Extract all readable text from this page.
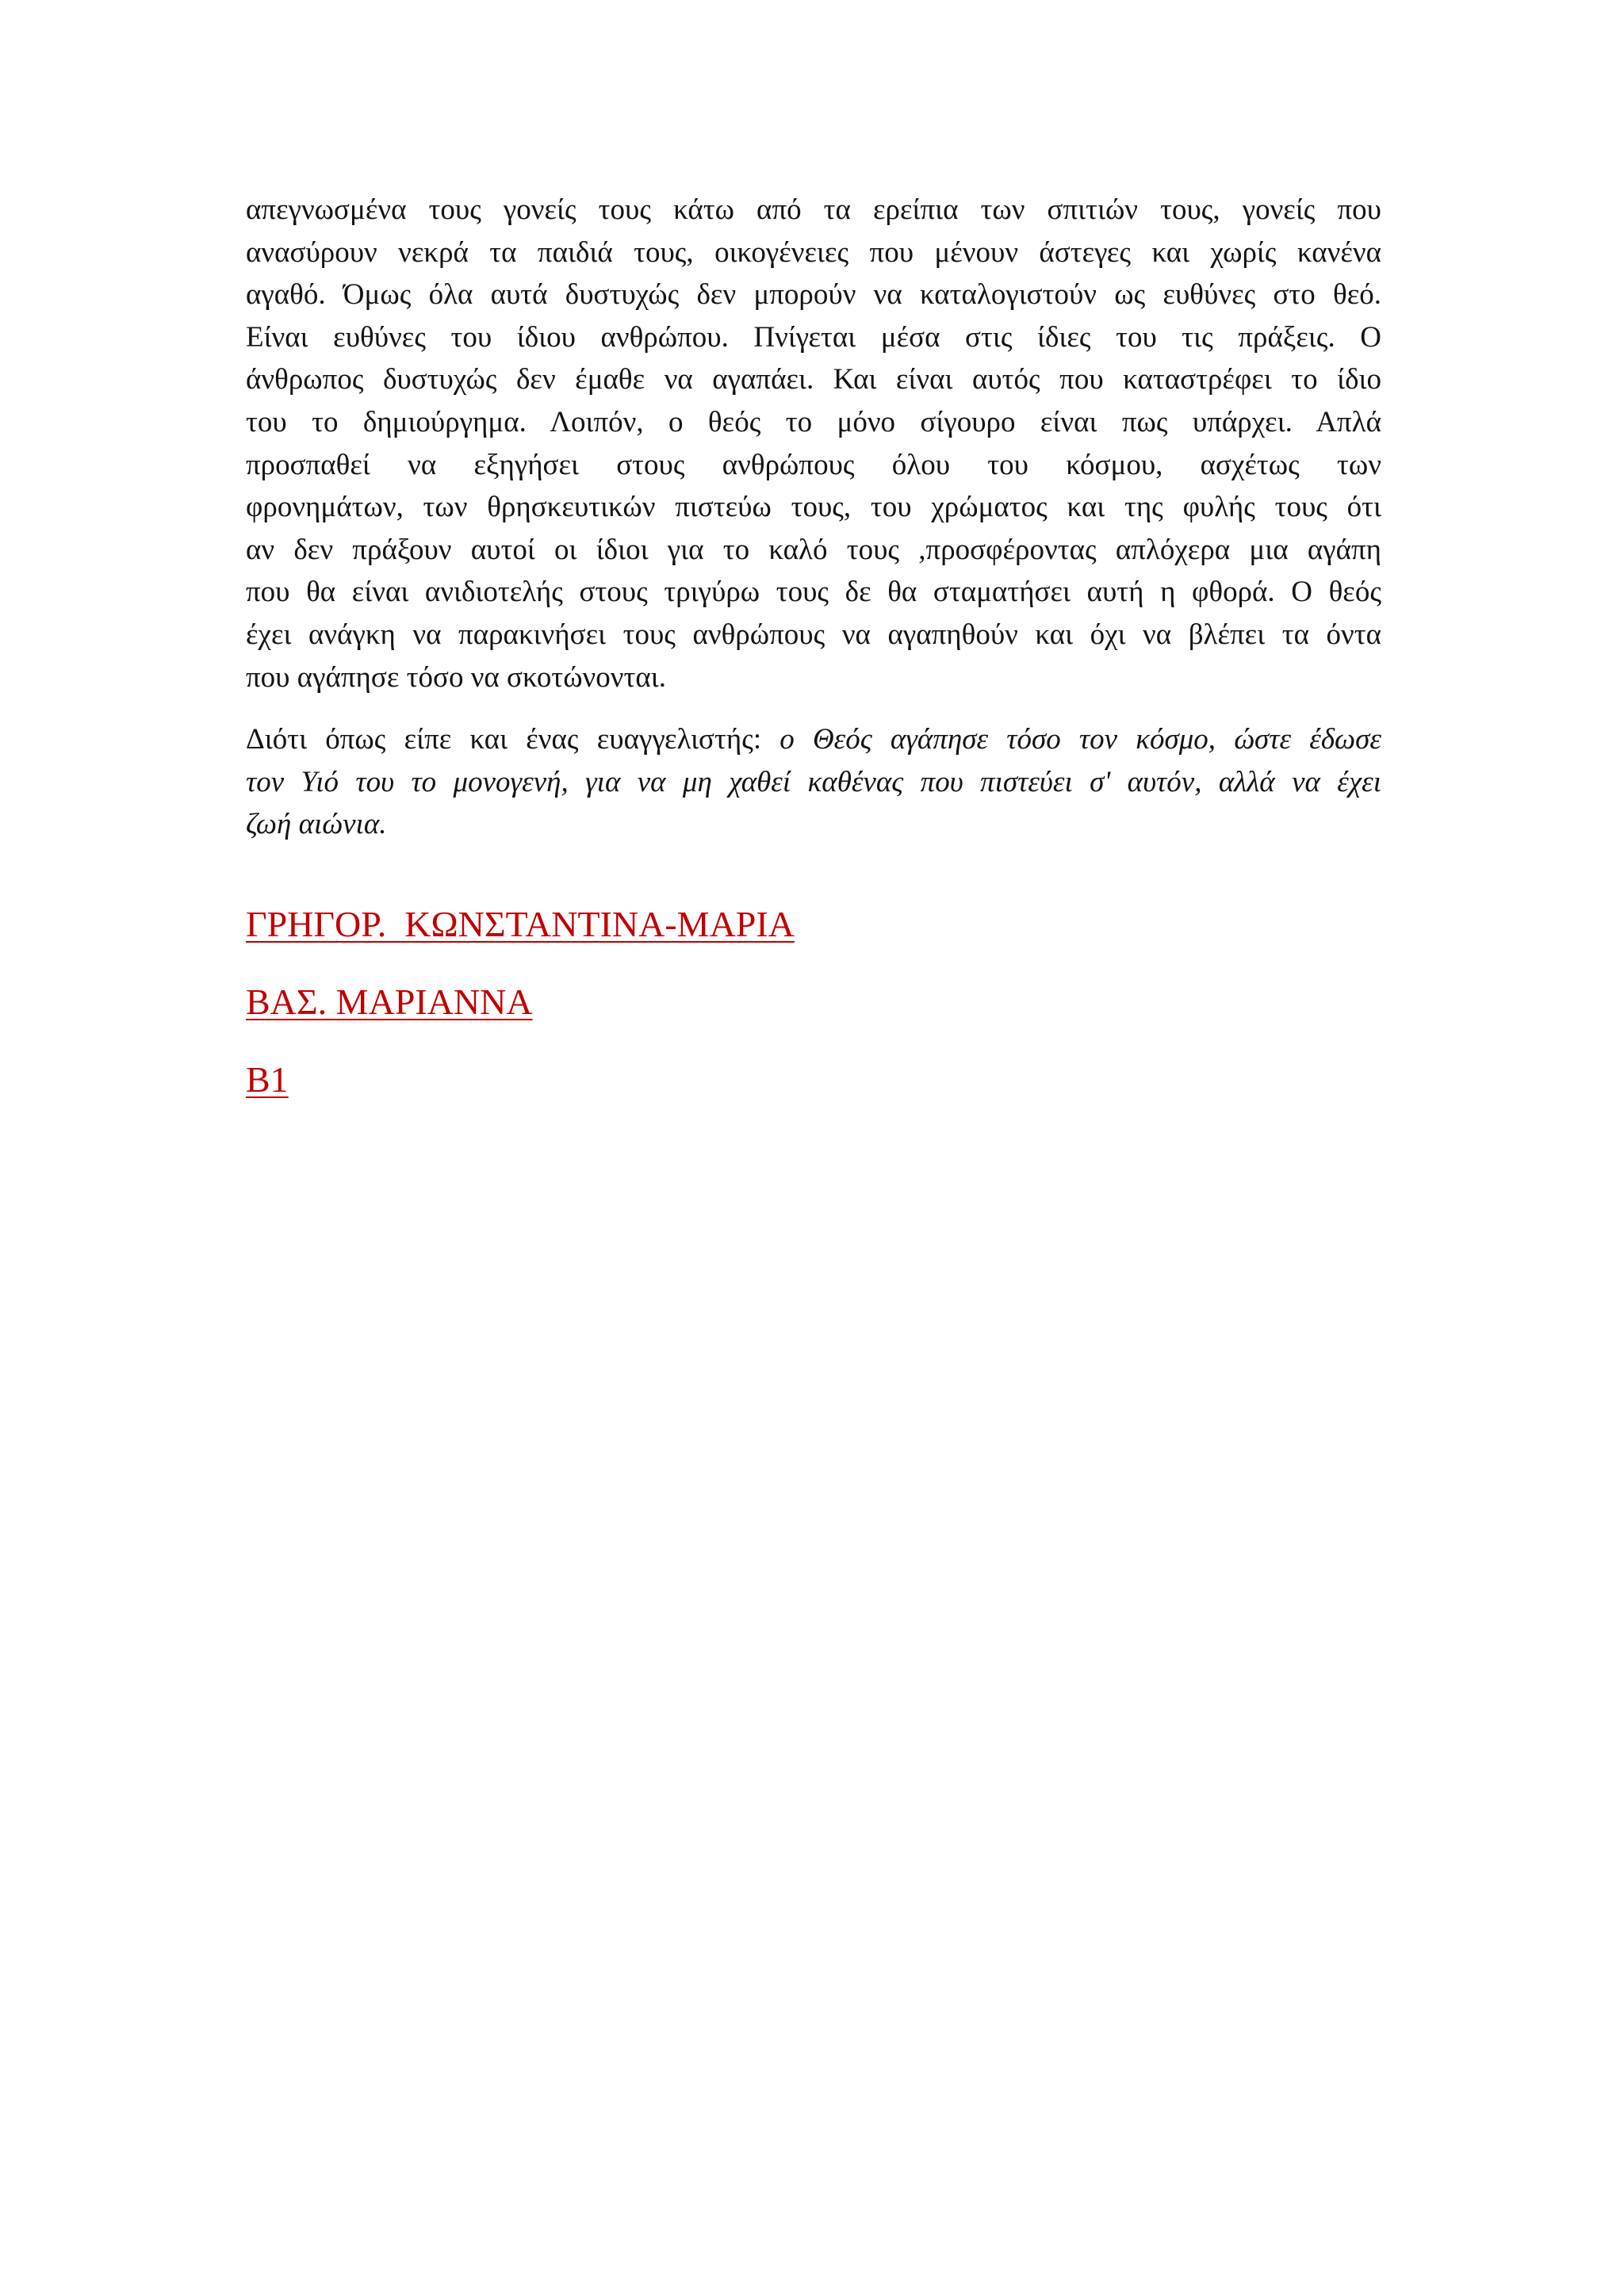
απεγνωσμένα τους γονείς τους κάτω από τα ερείπια των σπιτιών τους, γονείς που
ανασύρουν νεκρά τα παιδιά τους, οικογένειες που μένουν άστεγες και χωρίς κανένα
αγαθό. Όμως όλα αυτά δυστυχώς δεν μπορούν να καταλογιστούν ως ευθύνες στο θεό.
Είναι ευθύνες του ίδιου ανθρώπου. Πνίγεται μέσα στις ίδιες του τις πράξεις. Ο
άνθρωπος δυστυχώς δεν έμαθε να αγαπάει. Και είναι αυτός που καταστρέφει το ίδιο
του το δημιούργημα. Λοιπόν, ο θεός το μόνο σίγουρο είναι πως υπάρχει. Απλά
προσπαθεί να εξηγήσει στους ανθρώπους όλου του κόσμου, ασχέτως των
φρονημάτων, των θρησκευτικών πιστεύω τους, του χρώματος και της φυλής τους ότι
αν δεν πράξουν αυτοί οι ίδιοι για το καλό τους ,προσφέροντας απλόχερα μια αγάπη
που θα είναι ανιδιοτελής στους τριγύρω τους δε θα σταματήσει αυτή η φθορά. Ο θεός
έχει ανάγκη να παρακινήσει τους ανθρώπους να αγαπηθούν και όχι να βλέπει τα όντα
που αγάπησε τόσο να σκοτώνονται.

Διότι όπως είπε και ένας ευαγγελιστής: ο Θεός αγάπησε τόσο τον κόσμο, ώστε έδωσε
τον Υιό του το μονογενή, για να μη χαθεί καθένας που πιστεύει σ' αυτόν, αλλά να έχει
ζωή αιώνια.

ΓΡΗΓΟΡ.  ΚΩΝΣΤΑΝΤΙΝΑ-ΜΑΡΙΑ

ΒΑΣ. ΜΑΡΙΑΝΝΑ

Β1
